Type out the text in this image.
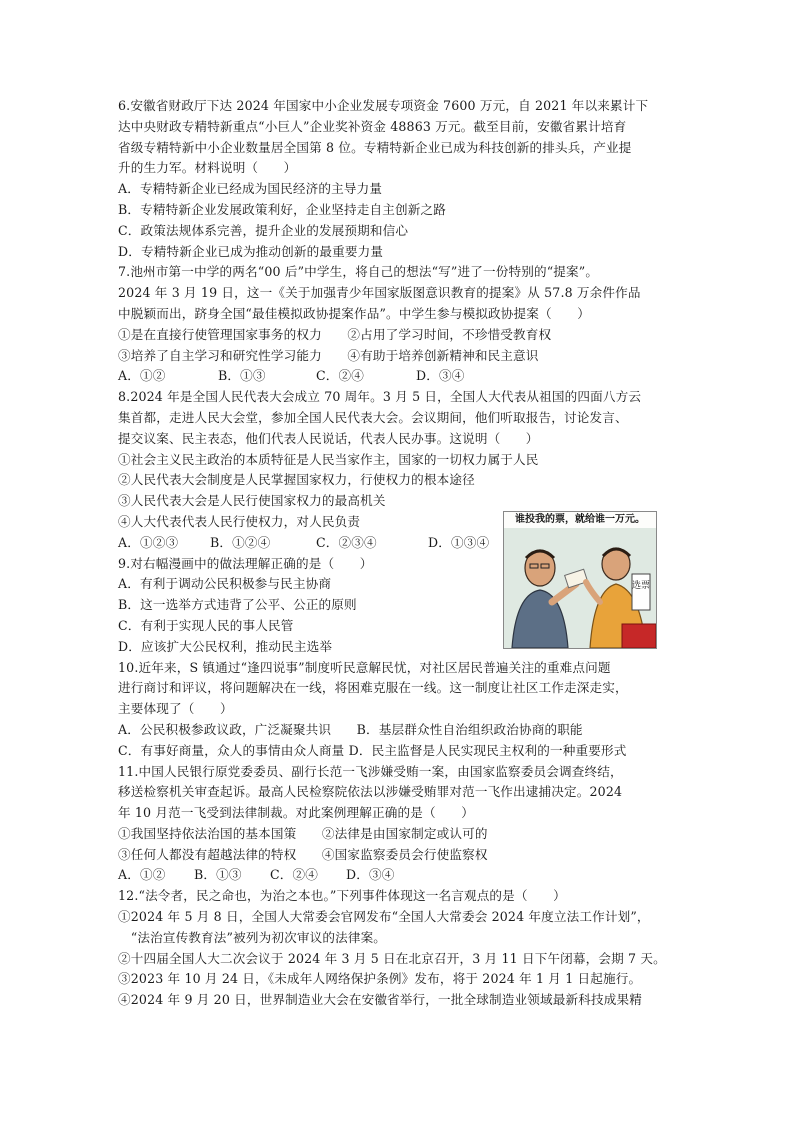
6.安徽省财政厅下达 2024 年国家中小企业发展专项资金 7600 万元，自 2021 年以来累计下
达中央财政专精特新重点“小巨人”企业奖补资金 48863 万元。截至目前，安徽省累计培育
省级专精特新中小企业数量居全国第 8 位。专精特新企业已成为科技创新的排头兵，产业提
升的生力军。材料说明（　　）
A．专精特新企业已经成为国民经济的主导力量
B．专精特新企业发展政策利好，企业坚持走自主创新之路
C．政策法规体系完善，提升企业的发展预期和信心
D．专精特新企业已成为推动创新的最重要力量
7.池州市第一中学的两名“00 后”中学生，将自己的想法“写”进了一份特别的“提案”。
2024 年 3 月 19 日，这一《关于加强青少年国家版图意识教育的提案》从 57.8 万余件作品
中脱颖而出，跻身全国“最佳模拟政协提案作品”。中学生参与模拟政协提案（　　）
①是在直接行使管理国家事务的权力　　②占用了学习时间，不珍惜受教育权
③培养了自主学习和研究性学习能力　　④有助于培养创新精神和民主意识
A．①②	B．①③	C．②④	D．③④
8.2024 年是全国人民代表大会成立 70 周年。3 月 5 日，全国人大代表从祖国的四面八方云
集首都，走进人民大会堂，参加全国人民代表大会。会议期间，他们听取报告，讨论发言、
提交议案、民主表态，他们代表人民说话，代表人民办事。这说明（　　）
①社会主义民主政治的本质特征是人民当家作主，国家的一切权力属于人民
②人民代表大会制度是人民掌握国家权力，行使权力的根本途径
③人民代表大会是人民行使国家权力的最高机关
④人大代表代表人民行使权力，对人民负责
A．①②③	B．①②④	C．②③④	D．①③④
9.对右幅漫画中的做法理解正确的是（　　）
A．有利于调动公民积极参与民主协商
B．这一选举方式违背了公平、公正的原则
C．有利于实现人民的事人民管
D．应该扩大公民权利，推动民主选举
10.近年来，S 镇通过“逢四说事”制度听民意解民忧，对社区居民普遍关注的重难点问题
进行商讨和评议，将问题解决在一线，将困难克服在一线。这一制度让社区工作走深走实，
主要体现了（　　）
A．公民积极参政议政，广泛凝聚共识　　B．基层群众性自治组织政治协商的职能
C．有事好商量，众人的事情由众人商量 D．民主监督是人民实现民主权利的一种重要形式
11.中国人民银行原党委委员、副行长范一飞涉嫌受贿一案，由国家监察委员会调查终结，
移送检察机关审查起诉。最高人民检察院依法以涉嫌受贿罪对范一飞作出逮捕决定。2024
年 10 月范一飞受到法律制裁。对此案例理解正确的是（　　）
①我国坚持依法治国的基本国策　　②法律是由国家制定或认可的
③任何人都没有超越法律的特权　　④国家监察委员会行使监察权
A．①②	B．①③	C．②④	D．③④
12.“法令者，民之命也，为治之本也。”下列事件体现这一名言观点的是（　　）
①2024 年 5 月 8 日，全国人大常委会官网发布“全国人大常委会 2024 年度立法工作计划”，
　“法治宣传教育法”被列为初次审议的法律案。
②十四届全国人大二次会议于 2024 年 3 月 5 日在北京召开，3 月 11 日下午闭幕，会期 7 天。
③2023 年 10 月 24 日，《未成年人网络保护条例》发布，将于 2024 年 1 月 1 日起施行。
④2024 年 9 月 20 日，世界制造业大会在安徽省举行，一批全球制造业领域最新科技成果精
谁投我的票，就给谁一万元。
选票
